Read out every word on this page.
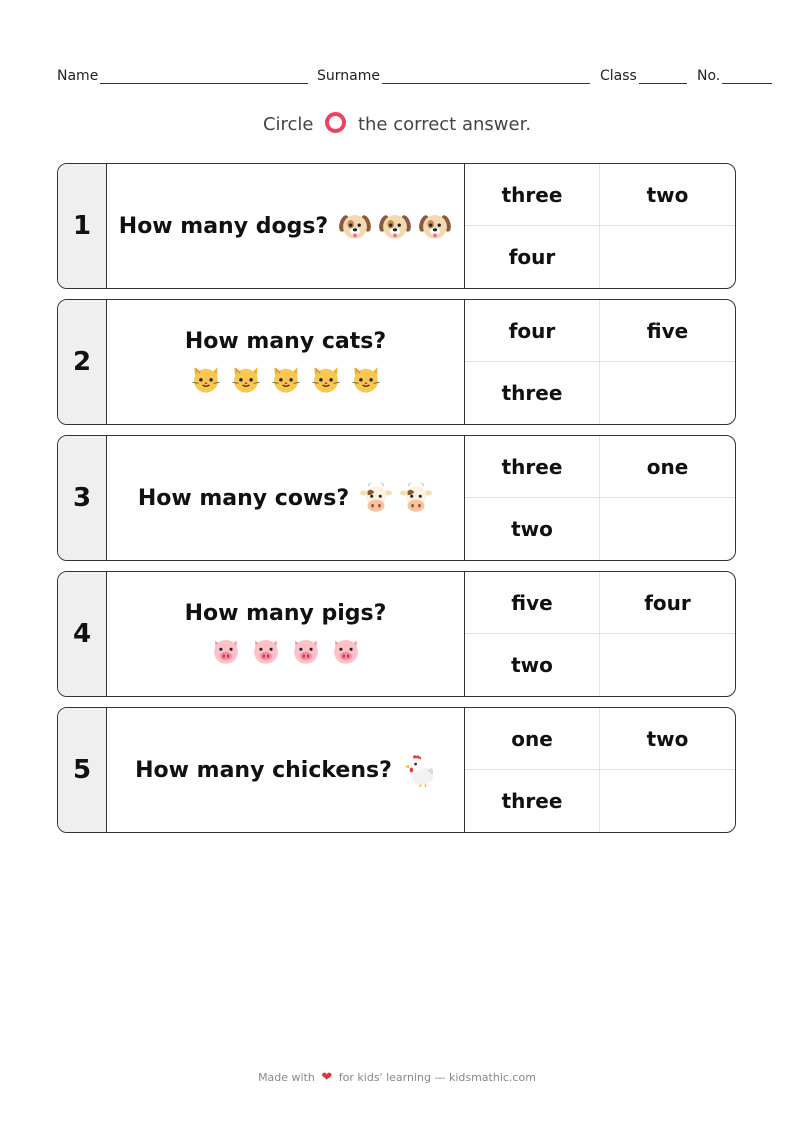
Name	Surname	Class	No.
Circle the correct answer.
1	How many dogs?
three	two
four
2
How many cats?	four	five
three
3	How many cows?
three	one
two
4
How many pigs?	five	four
two
5	How many chickens?
one	two
three
Made with ❤ for kids' learning — kidsmathic.com
